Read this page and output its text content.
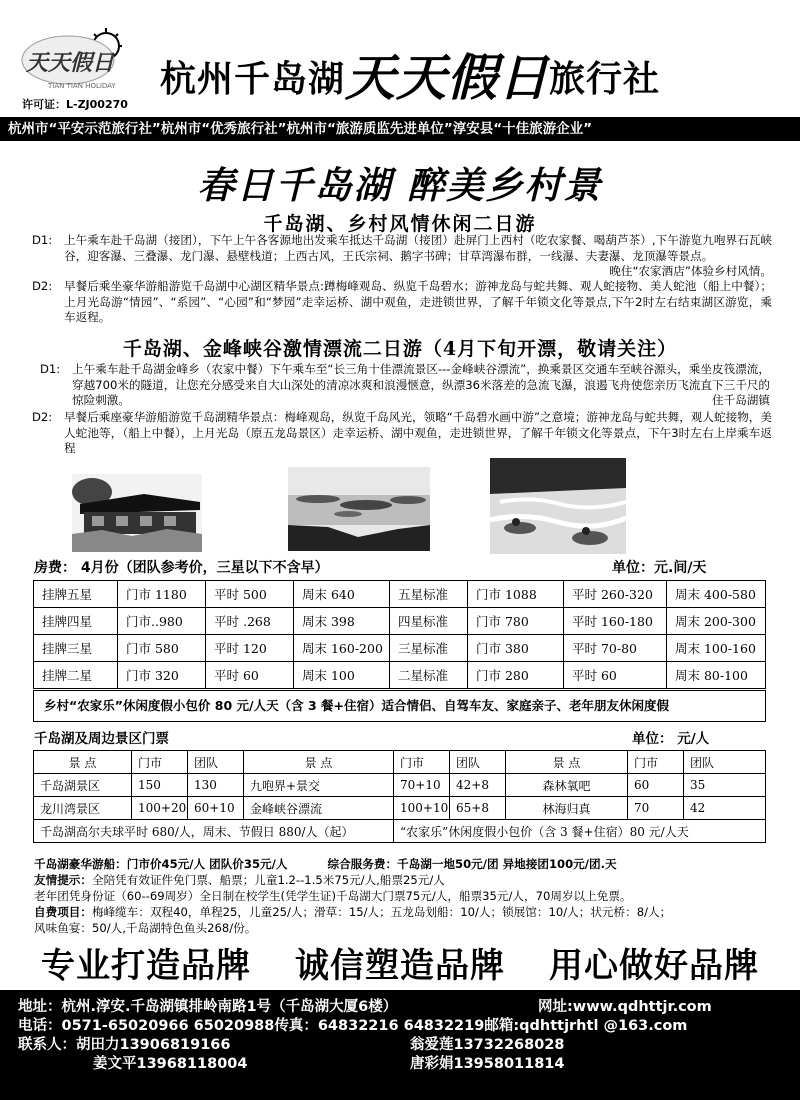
天天假日
TIAN TIAN HOLIDAY 杭州千岛湖天天假日旅行社
许可证：L-ZJ00270
杭州市“平安示范旅行社”杭州市“优秀旅行社”杭州市“旅游质监先进单位”淳安县“十佳旅游企业”
春日千岛湖 醉美乡村景
千岛湖、乡村风情休闲二日游
D1: 上午乘车赴千岛湖（接团），下午上午各客源地出发乘车抵达千岛湖（接团）赴屏门上西村（吃农家餐、喝葫芦茶）,下午游览九咆界石瓦峡谷，迎客瀑、三叠瀑、龙门瀑、悬壁栈道；上西古风，王氏宗祠、鹅字书碑；甘草湾瀑布群，一线瀑、夫妻瀑、龙顶瀑等景点。
晚住“农家酒店”体验乡村风情。
D2: 早餐后乘坐豪华游船游览千岛湖中心湖区精华景点:蹲梅峰观岛、纵览千岛碧水；游神龙岛与蛇共舞、观人蛇接物、美人蛇池（船上中餐）；上月光岛游“情园”、“系园”、“心园”和“梦园”走幸运桥、湖中观鱼，走进锁世界，了解千年锁文化等景点,下午2时左右结束湖区游览，乘车返程。
千岛湖、金峰峡谷激情漂流二日游（4月下旬开漂，敬请关注）
D1: 上午乘车赴千岛湖金峰乡（农家中餐）下午乘车至“长三角十佳漂流景区---金峰峡谷漂流”，换乘景区交通车至峡谷源头，乘坐皮筏漂流，穿越700米的隧道，让您充分感受来自大山深处的清凉冰爽和浪漫惬意，纵漂36米落差的急流飞瀑，浪遏飞舟使您亲历飞流直下三千尺的惊险刺激。	住千岛湖镇
D2: 早餐后乘座豪华游船游览千岛湖精华景点：梅峰观岛，纵览千岛风光，领略“千岛碧水画中游”之意境；游神龙岛与蛇共舞，观人蛇接物，美人蛇池等，（船上中餐），上月光岛（原五龙岛景区）走幸运桥、湖中观鱼，走进锁世界，了解千年锁文化等景点，下午3时左右上岸乘车返程
房费： 4月份（团队参考价，三星以下不含早）	单位：元.间/天
挂牌五星	门市 1180	平时 500	周末 640	五星标准	门市 1088	平时 260-320	周末 400-580
挂牌四星	门市..980	平时 .268	周末 398	四星标准	门市 780	平时 160-180	周末 200-300
挂牌三星	门市 580	平时 120	周末 160-200	三星标准	门市 380	平时 70-80	周末 100-160
挂牌二星	门市 320	平时 60	周末 100	二星标准	门市 280	平时 60	周末 80-100
乡村“农家乐”休闲度假小包价 80 元/人天（含 3 餐+住宿）适合情侣、自驾车友、家庭亲子、老年朋友休闲度假
千岛湖及周边景区门票	单位： 元/人
景 点	门市	团队	景 点	门市	团队	景 点	门市	团队
千岛湖景区	150	130	九咆界+景交	70+10	42+8	森林氧吧	60	35
龙川湾景区	100+20	60+10	金峰峡谷漂流	100+10	65+8	林海归真	70	42
千岛湖高尔夫球平时 680/人，周末、节假日 880/人（起）				“农家乐”休闲度假小包价（含 3 餐+住宿）80 元/人天				

千岛湖豪华游船：门市价45元/人 团队价35元/人	综合服务费：千岛湖一地50元/团 异地接团100元/团.天

友情提示：全陪凭有效证件免门票、船票；儿童1.2--1.5米75元/人,船票25元/人

老年团凭身份证（60--69周岁）全日制在校学生(凭学生证)千岛湖大门票75元/人，船票35元/人，70周岁以上免票。

自费项目：梅峰缆车：双程40，单程25，儿童25/人；滑草：15/人；五龙岛划船：10/人；锁展馆：10/人；状元桥：8/人；

风味鱼宴：50/人,千岛湖特色鱼头268/份。

专业打造品牌 诚信塑造品牌 用心做好品牌
地址：杭州.淳安.千岛湖镇排岭南路1号（千岛湖大厦6楼）	网址:www.qdhttjr.com
电话：0571-65020966 65020988传真：64832216 64832219邮箱:qdhttjrhtl @163.com
联系人：胡田力13906819166	翁爱莲13732268028
姜文平13968118004	唐彩娟13958011814
